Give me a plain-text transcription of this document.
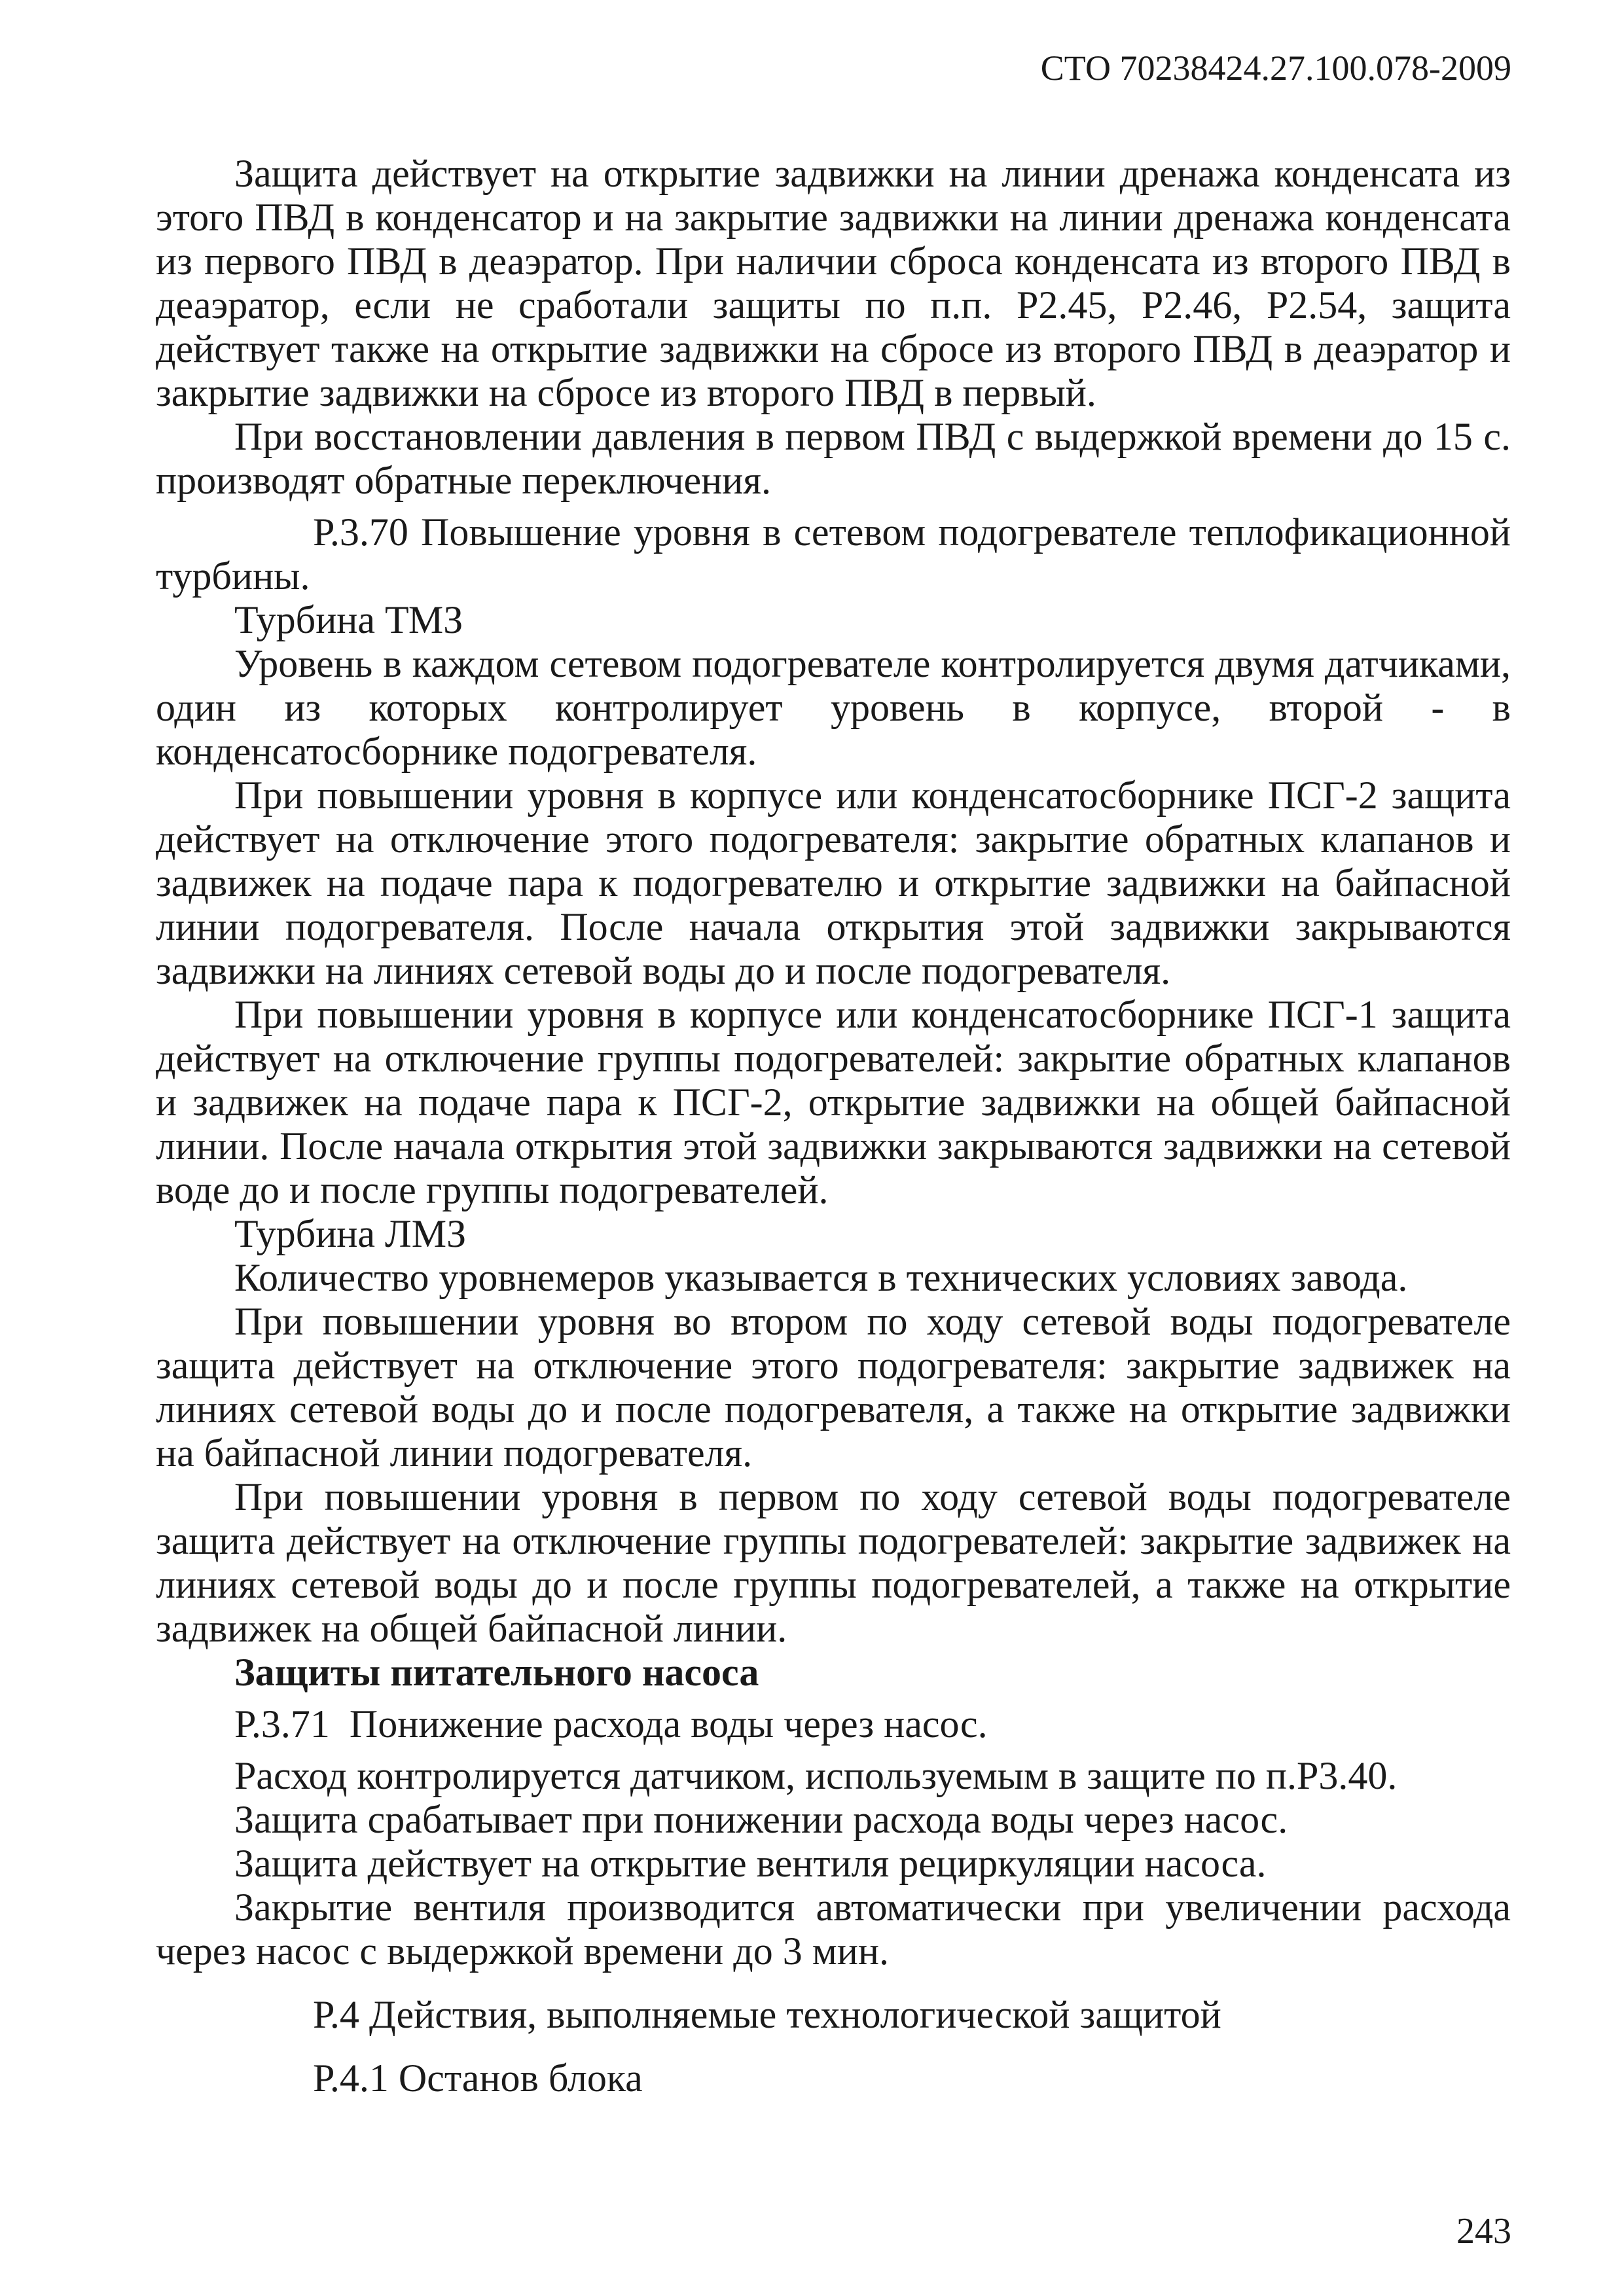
СТО 70238424.27.100.078-2009

Защита действует на открытие задвижки на линии дренажа конденсата из этого ПВД в конденсатор и на закрытие задвижки на линии дренажа конденсата из первого ПВД в деаэратор. При наличии сброса конденсата из второго ПВД в деаэратор, если не сработали защиты по п.п. Р2.45, Р2.46, Р2.54, защита действует также на открытие задвижки на сбросе из второго ПВД в деаэратор и закрытие задвижки на сбросе из второго ПВД в первый.

При восстановлении давления в первом ПВД с выдержкой времени до 15 с. производят обратные переключения.

Р.3.70 Повышение уровня в сетевом подогревателе теплофикационной турбины.

Турбина ТМЗ

Уровень в каждом сетевом подогревателе контролируется двумя датчиками, один из которых контролирует уровень в корпусе, второй - в конденсатосборнике подогревателя.

При повышении уровня в корпусе или конденсатосборнике ПСГ-2 защита действует на отключение этого подогревателя: закрытие обратных клапанов и задвижек на подаче пара к подогревателю и открытие задвижки на байпасной линии подогревателя. После начала открытия этой задвижки закрываются задвижки на линиях сетевой воды до и после подогревателя.

При повышении уровня в корпусе или конденсатосборнике ПСГ-1 защита действует на отключение группы подогревателей: закрытие обратных клапанов и задвижек на подаче пара к ПСГ-2, открытие задвижки на общей байпасной линии. После начала открытия этой задвижки закрываются задвижки на сетевой воде до и после группы подогревателей.

Турбина ЛМЗ

Количество уровнемеров указывается в технических условиях завода.

При повышении уровня во втором по ходу сетевой воды подогревателе защита действует на отключение этого подогревателя: закрытие задвижек на линиях сетевой воды до и после подогревателя, а также на открытие задвижки на байпасной линии подогревателя.

При повышении уровня в первом по ходу сетевой воды подогревателе защита действует на отключение группы подогревателей: закрытие задвижек на линиях сетевой воды до и после группы подогревателей, а также на открытие задвижек на общей байпасной линии.

Защиты питательного насоса

Р.3.71 Понижение расхода воды через насос.

Расход контролируется датчиком, используемым в защите по п.Р3.40.

Защита срабатывает при понижении расхода воды через насос.

Защита действует на открытие вентиля рециркуляции насоса.

Закрытие вентиля производится автоматически при увеличении расхода через насос с выдержкой времени до 3 мин.

Р.4 Действия, выполняемые технологической защитой

Р.4.1 Останов блока

243
